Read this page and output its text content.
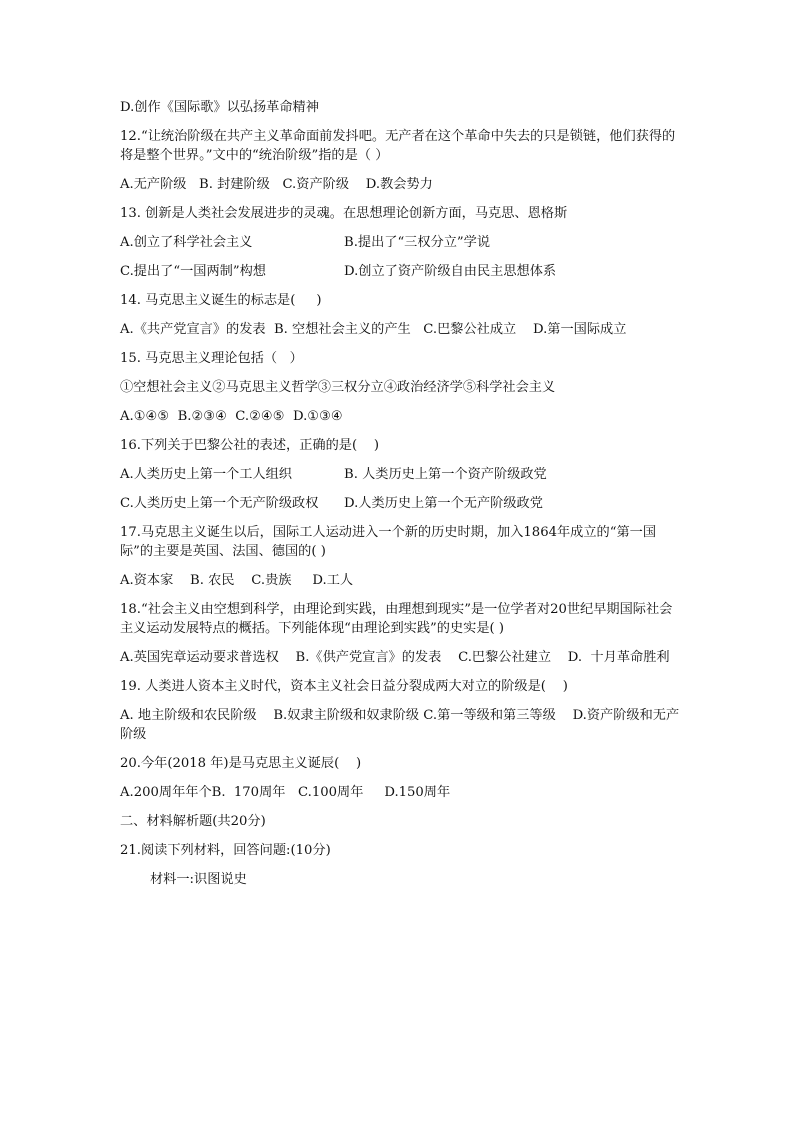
D.创作《国际歌》以弘扬革命精神
12.“让统治阶级在共产主义革命面前发抖吧。无产者在这个革命中失去的只是锁链，他们获得的将是整个世界。”文中的“统治阶级”指的是（ ）
A.无产阶级   B. 封建阶级   C.资产阶级    D.教会势力
13. 创新是人类社会发展进步的灵魂。在思想理论创新方面，马克思、恩格斯
A.创立了科学社会主义	B.提出了“三权分立”学说
C.提出了“一国两制”构想	D.创立了资产阶级自由民主思想体系
14. 马克思主义诞生的标志是(     )
A.《共产党宣言》的发表  B. 空想社会主义的产生   C.巴黎公社成立    D.第一国际成立
15. 马克思主义理论包括（   ）
①空想社会主义②马克思主义哲学③三权分立④政治经济学⑤科学社会主义
A.①④⑤  B.②③④  C.②④⑤  D.①③④
16.下列关于巴黎公社的表述，正确的是(    )
A.人类历史上第一个工人组织	B. 人类历史上第一个资产阶级政党
C.人类历史上第一个无产阶级政权	D.人类历史上第一个无产阶级政党
17.马克思主义诞生以后，国际工人运动进入一个新的历史时期，加入1864年成立的“第一国际”的主要是英国、法国、德国的( )
A.资本家    B. 农民    C.贵族     D.工人
18.“社会主义由空想到科学，由理论到实践，由理想到现实”是一位学者对20世纪早期国际社会主义运动发展特点的概括。下列能体现“由理论到实践”的史实是( )
A.英国宪章运动要求普选权    B.《供产党宣言》的发表    C.巴黎公社建立    D.  十月革命胜利
19. 人类进人资本主义时代，资本主义社会日益分裂成两大对立的阶级是(    )
A. 地主阶级和农民阶级    B.奴隶主阶级和奴隶阶级 C.第一等级和第三等级    D.资产阶级和无产阶级
20.今年(2018 年)是马克思主义诞辰(    )
A.200周年年个B.  170周年   C.100周年     D.150周年
二、材料解析题(共20分)
21.阅读下列材料，回答问题:(10分)
材料一:识图说史
